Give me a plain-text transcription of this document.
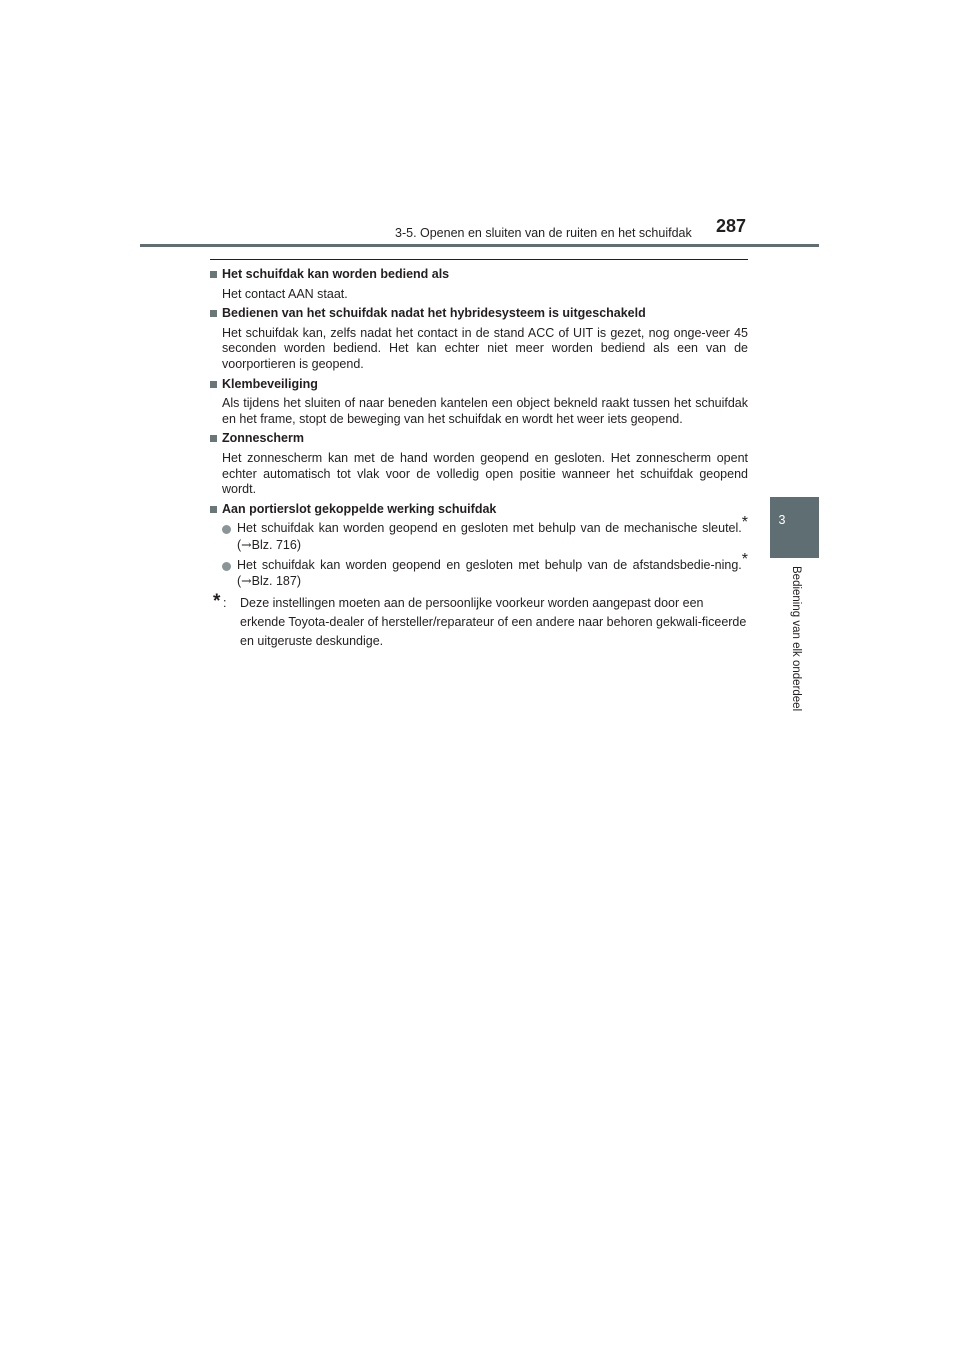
3-5. Openen en sluiten van de ruiten en het schuifdak 287
3
Bediening van elk onderdeel
Het schuifdak kan worden bediend als
Het contact AAN staat.
Bedienen van het schuifdak nadat het hybridesysteem is uitgeschakeld
Het schuifdak kan, zelfs nadat het contact in de stand ACC of UIT is gezet, nog onge-veer 45 seconden worden bediend. Het kan echter niet meer worden bediend als een van de voorportieren is geopend.
Klembeveiliging
Als tijdens het sluiten of naar beneden kantelen een object bekneld raakt tussen het schuifdak en het frame, stopt de beweging van het schuifdak en wordt het weer iets geopend.
Zonnescherm
Het zonnescherm kan met de hand worden geopend en gesloten. Het zonnescherm opent echter automatisch tot vlak voor de volledig open positie wanneer het schuifdak geopend wordt.
Aan portierslot gekoppelde werking schuifdak
Het schuifdak kan worden geopend en gesloten met behulp van de mechanische sleutel.* (→Blz. 716)
Het schuifdak kan worden geopend en gesloten met behulp van de afstandsbedie-ning.* (→Blz. 187)
* :	Deze instellingen moeten aan de persoonlijke voorkeur worden aangepast door een erkende Toyota-dealer of hersteller/reparateur of een andere naar behoren gekwali-ficeerde en uitgeruste deskundige.
